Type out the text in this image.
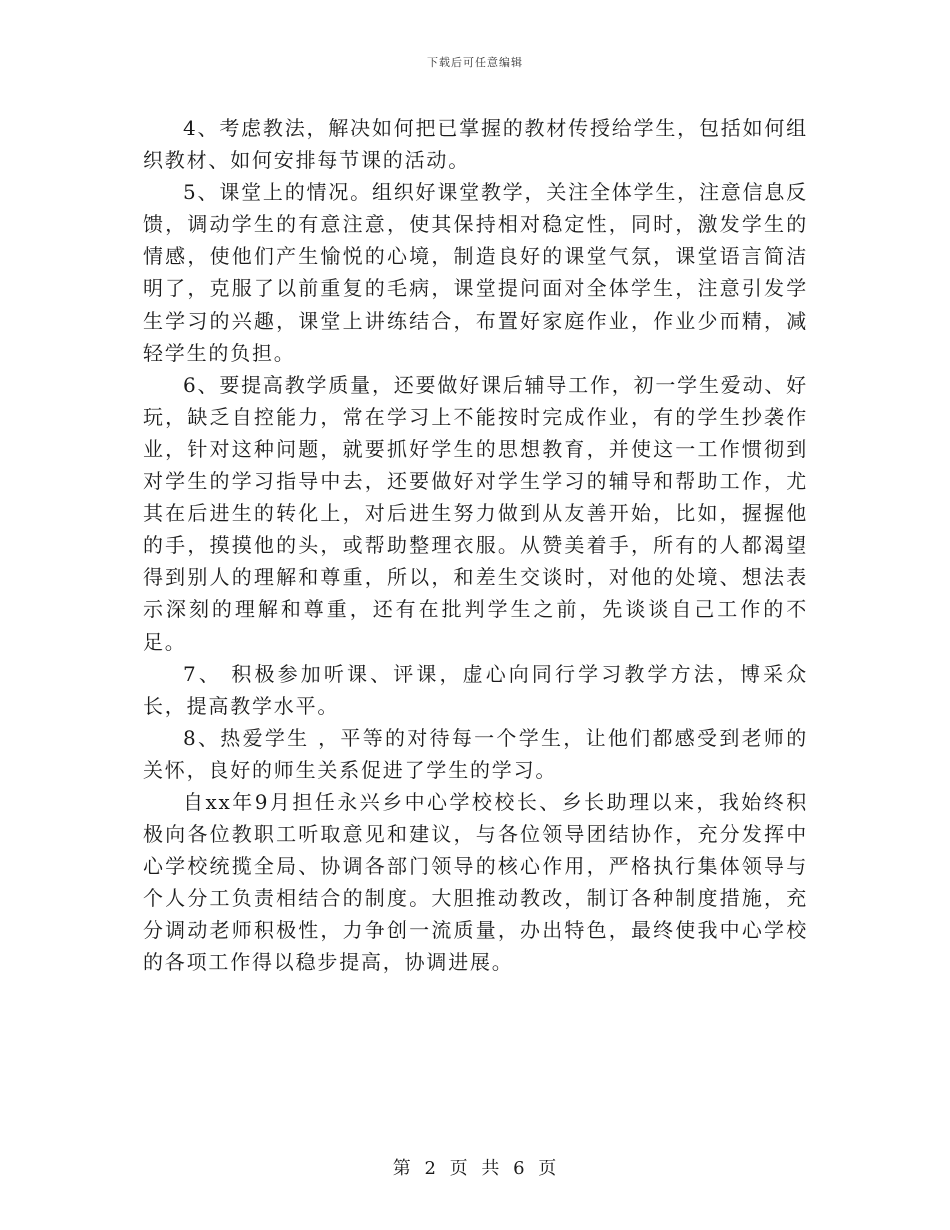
下载后可任意编辑

4、考虑教法，解决如何把已掌握的教材传授给学生，包括如何组织教材、如何安排每节课的活动。

5、课堂上的情况。组织好课堂教学，关注全体学生，注意信息反馈，调动学生的有意注意，使其保持相对稳定性，同时，激发学生的情感，使他们产生愉悦的心境，制造良好的课堂气氛，课堂语言简洁明了，克服了以前重复的毛病，课堂提问面对全体学生，注意引发学生学习的兴趣，课堂上讲练结合，布置好家庭作业，作业少而精，减轻学生的负担。

6、要提高教学质量，还要做好课后辅导工作，初一学生爱动、好玩，缺乏自控能力，常在学习上不能按时完成作业，有的学生抄袭作业，针对这种问题，就要抓好学生的思想教育，并使这一工作惯彻到对学生的学习指导中去，还要做好对学生学习的辅导和帮助工作，尤其在后进生的转化上，对后进生努力做到从友善开始，比如，握握他的手，摸摸他的头，或帮助整理衣服。从赞美着手，所有的人都渴望得到别人的理解和尊重，所以，和差生交谈时，对他的处境、想法表示深刻的理解和尊重，还有在批判学生之前，先谈谈自己工作的不足。

7、 积极参加听课、评课，虚心向同行学习教学方法，博采众长，提高教学水平。

8、热爱学生 ，平等的对待每一个学生，让他们都感受到老师的关怀，良好的师生关系促进了学生的学习。

自xx年9月担任永兴乡中心学校校长、乡长助理以来，我始终积极向各位教职工听取意见和建议，与各位领导团结协作，充分发挥中心学校统揽全局、协调各部门领导的核心作用，严格执行集体领导与个人分工负责相结合的制度。大胆推动教改，制订各种制度措施，充分调动老师积极性，力争创一流质量，办出特色，最终使我中心学校的各项工作得以稳步提高，协调进展。

第 2 页 共 6 页
